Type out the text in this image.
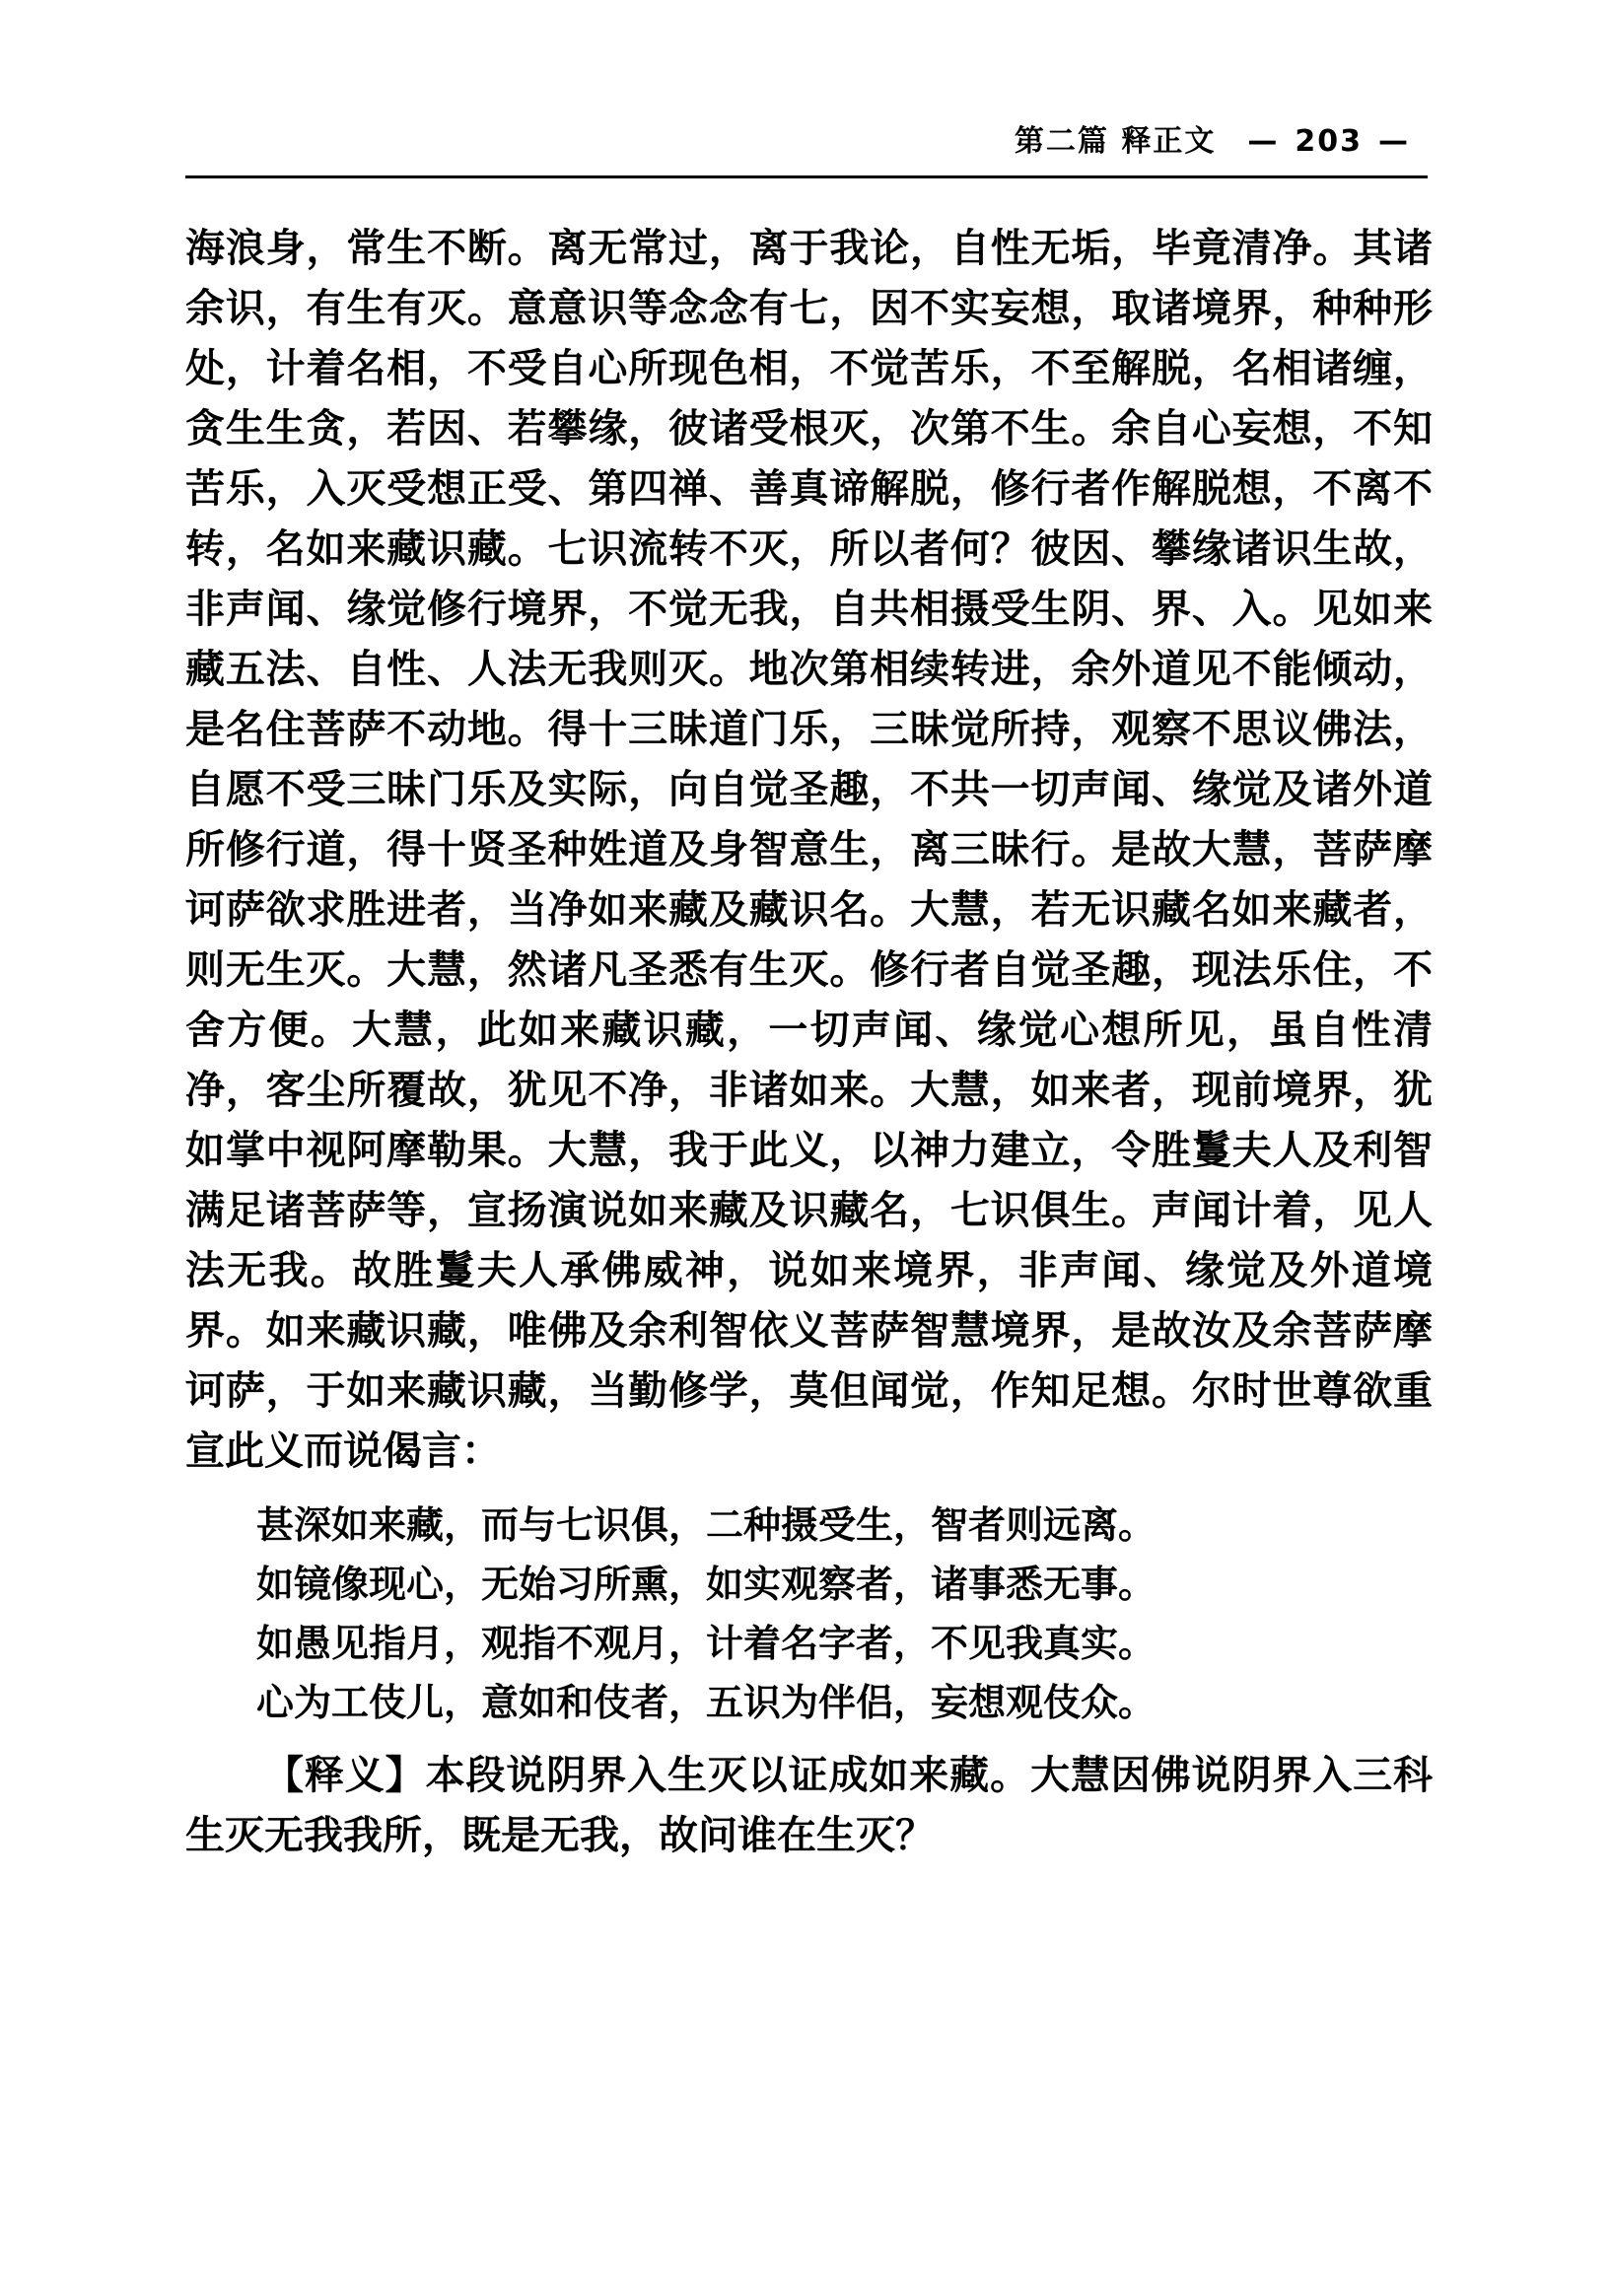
第二篇 释正文 — 203 —

海浪身，常生不断。离无常过，离于我论，自性无垢，毕竟清净。其诸余识，有生有灭。意意识等念念有七，因不实妄想，取诸境界，种种形处，计着名相，不受自心所现色相，不觉苦乐，不至解脱，名相诸缠，贪生生贪，若因、若攀缘，彼诸受根灭，次第不生。余自心妄想，不知苦乐，入灭受想正受、第四禅、善真谛解脱，修行者作解脱想，不离不转，名如来藏识藏。七识流转不灭，所以者何？彼因、攀缘诸识生故，非声闻、缘觉修行境界，不觉无我，自共相摄受生阴、界、入。见如来藏五法、自性、人法无我则灭。地次第相续转进，余外道见不能倾动，是名住菩萨不动地。得十三昧道门乐，三昧觉所持，观察不思议佛法，自愿不受三昧门乐及实际，向自觉圣趣，不共一切声闻、缘觉及诸外道所修行道，得十贤圣种姓道及身智意生，离三昧行。是故大慧，菩萨摩诃萨欲求胜进者，当净如来藏及藏识名。大慧，若无识藏名如来藏者，则无生灭。大慧，然诸凡圣悉有生灭。修行者自觉圣趣，现法乐住，不舍方便。大慧，此如来藏识藏，一切声闻、缘觉心想所见，虽自性清净，客尘所覆故，犹见不净，非诸如来。大慧，如来者，现前境界，犹如掌中视阿摩勒果。大慧，我于此义，以神力建立，令胜鬘夫人及利智满足诸菩萨等，宣扬演说如来藏及识藏名，七识俱生。声闻计着，见人法无我。故胜鬘夫人承佛威神，说如来境界，非声闻、缘觉及外道境界。如来藏识藏，唯佛及余利智依义菩萨智慧境界，是故汝及余菩萨摩诃萨，于如来藏识藏，当勤修学，莫但闻觉，作知足想。尔时世尊欲重宣此义而说偈言：

甚深如来藏，而与七识俱，二种摄受生，智者则远离。

如镜像现心，无始习所熏，如实观察者，诸事悉无事。

如愚见指月，观指不观月，计着名字者，不见我真实。

心为工伎儿，意如和伎者，五识为伴侣，妄想观伎众。

【释义】本段说阴界入生灭以证成如来藏。大慧因佛说阴界入三科生灭无我我所，既是无我，故问谁在生灭？
